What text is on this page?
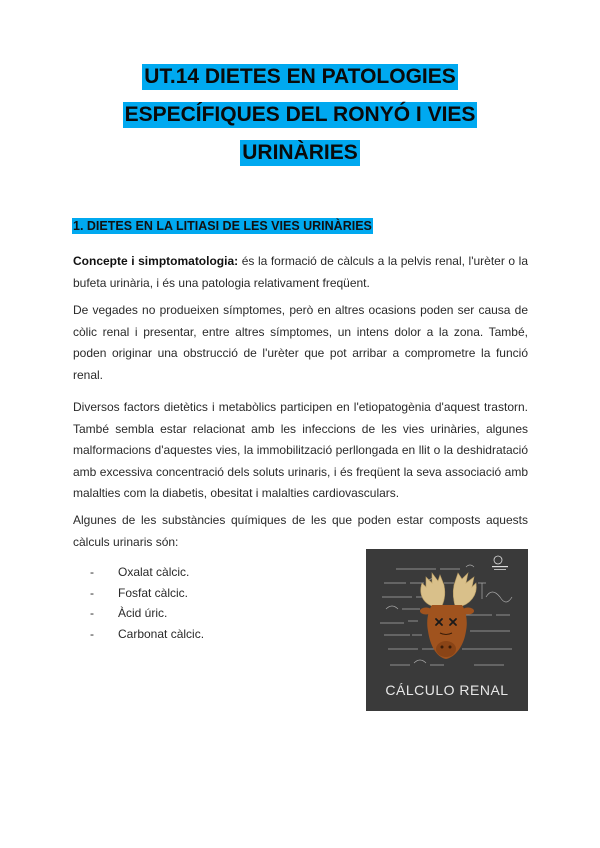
UT.14 DIETES EN PATOLOGIES
ESPECÍFIQUES DEL RONYÓ I VIES
URINÀRIES
1. DIETES EN LA LITIASI DE LES VIES URINÀRIES

Concepte i simptomatologia: és la formació de càlculs a la pelvis renal, l'urèter o la bufeta urinària, i és una patologia relativament freqüent.

De vegades no produeixen símptomes, però en altres ocasions poden ser causa de còlic renal i presentar, entre altres símptomes, un intens dolor a la zona. També, poden originar una obstrucció de l'urèter que pot arribar a comprometre la funció renal.

Diversos factors dietètics i metabòlics participen en l'etiopatogènia d'aquest trastorn. També sembla estar relacionat amb les infeccions de les vies urinàries, algunes malformacions d'aquestes vies, la immobilització perllongada en llit o la deshidratació amb excessiva concentració dels soluts urinaris, i és freqüent la seva associació amb malalties com la diabetis, obesitat i malalties cardiovasculars.

Algunes de les substàncies químiques de les que poden estar composts aquests càlculs urinaris són:

- Oxalat càlcic.
- Fosfat càlcic.
- Àcid úric.
- Carbonat càlcic.
CÁLCULO RENAL
